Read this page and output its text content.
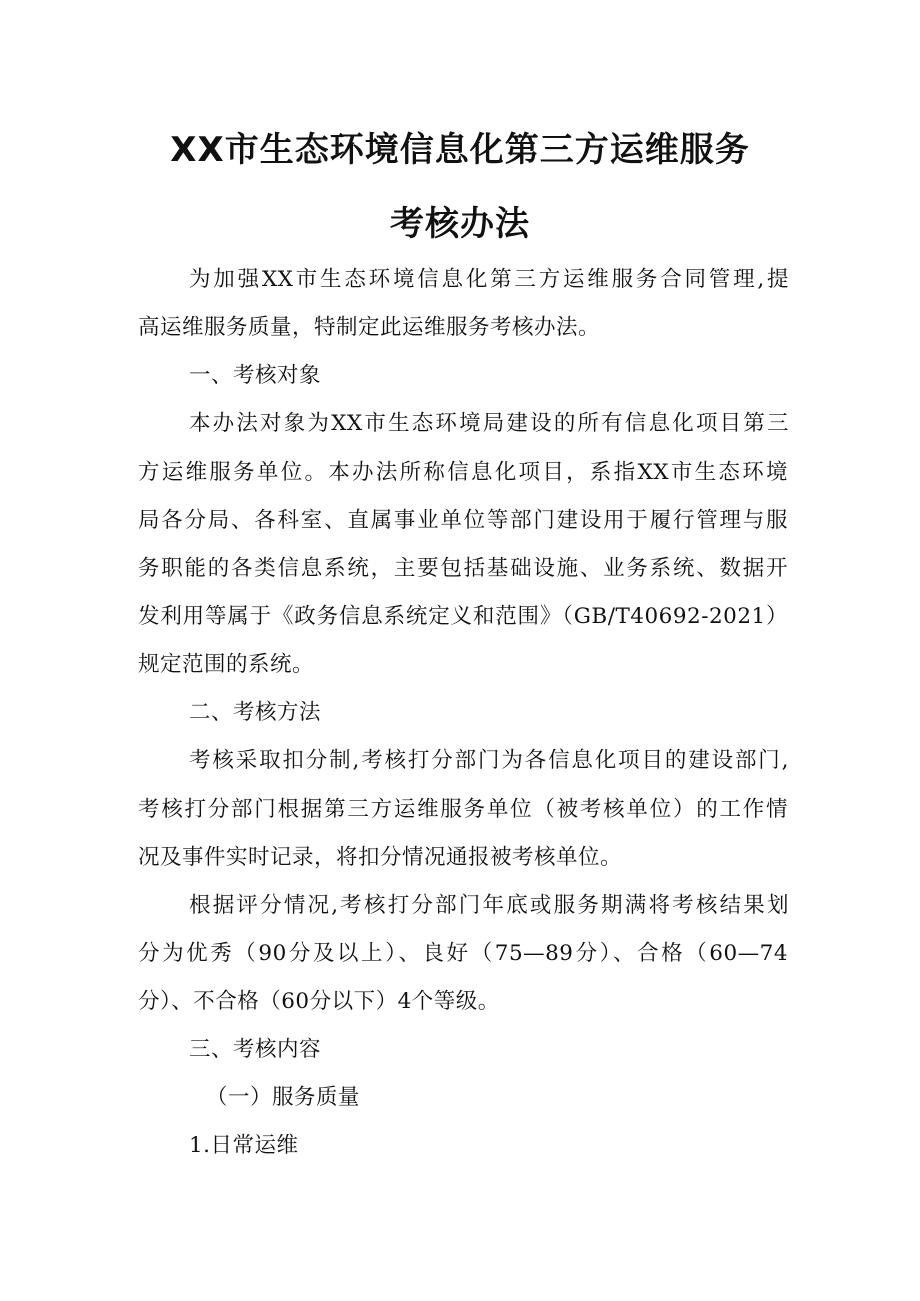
XX市生态环境信息化第三方运维服务
考核办法
为加强XX市生态环境信息化第三方运维服务合同管理,提
高运维服务质量，特制定此运维服务考核办法。
一、考核对象
本办法对象为XX市生态环境局建设的所有信息化项目第三
方运维服务单位。本办法所称信息化项目，系指XX市生态环境
局各分局、各科室、直属事业单位等部门建设用于履行管理与服
务职能的各类信息系统，主要包括基础设施、业务系统、数据开
发利用等属于《政务信息系统定义和范围》（GB/T40692-2021）
规定范围的系统。
二、考核方法
考核采取扣分制,考核打分部门为各信息化项目的建设部门,
考核打分部门根据第三方运维服务单位（被考核单位）的工作情
况及事件实时记录，将扣分情况通报被考核单位。
根据评分情况,考核打分部门年底或服务期满将考核结果划
分为优秀（90分及以上）、良好（75—89分）、合格（60—74
分）、不合格（60分以下）4个等级。
三、考核内容
（一）服务质量
1.日常运维
